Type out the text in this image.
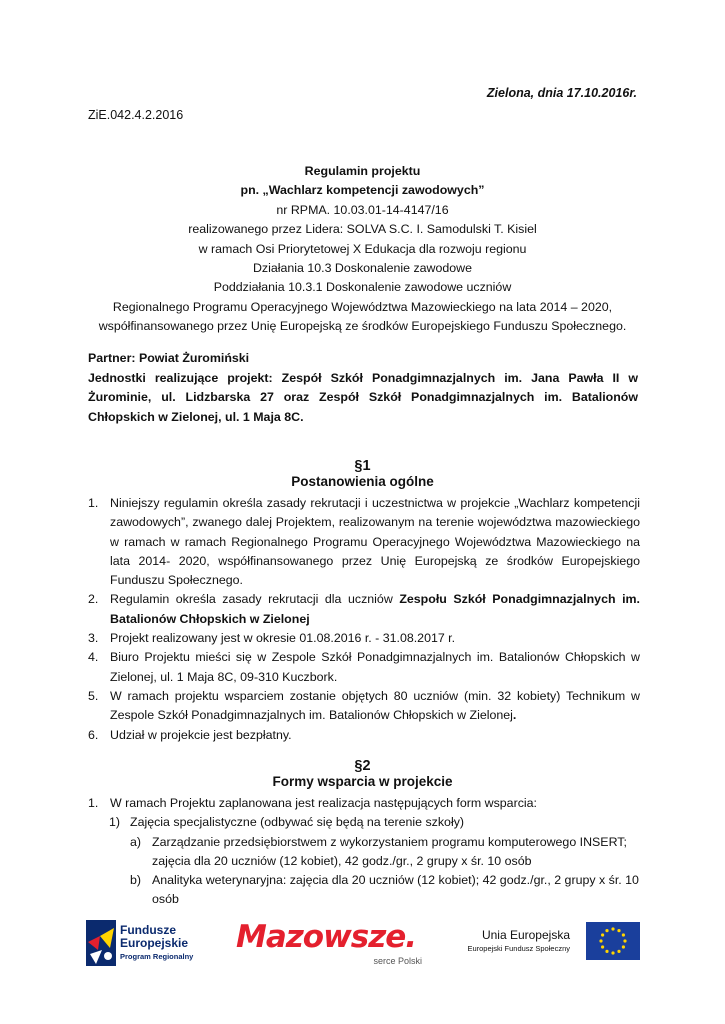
Zielona, dnia 17.10.2016r.
ZiE.042.4.2.2016
Regulamin projektu
pn. „Wachlarz kompetencji zawodowych”
nr RPMA. 10.03.01-14-4147/16
realizowanego przez Lidera: SOLVA S.C. I. Samodulski T. Kisiel
w ramach Osi Priorytetowej X Edukacja dla rozwoju regionu
Działania 10.3 Doskonalenie zawodowe
Poddziałania 10.3.1 Doskonalenie zawodowe uczniów
Regionalnego Programu Operacyjnego Województwa Mazowieckiego na lata 2014 – 2020,
współfinansowanego przez Unię Europejską ze środków Europejskiego Funduszu Społecznego.
Partner: Powiat Żuromiński
Jednostki realizujące projekt: Zespół Szkół Ponadgimnazjalnych im. Jana Pawła II w Żurominie, ul. Lidzbarska 27 oraz Zespół Szkół Ponadgimnazjalnych im. Batalionów Chłopskich w Zielonej, ul. 1 Maja 8C.
§1
Postanowienia ogólne
1. Niniejszy regulamin określa zasady rekrutacji i uczestnictwa w projekcie „Wachlarz kompetencji zawodowych”, zwanego dalej Projektem, realizowanym na terenie województwa mazowieckiego w ramach w ramach Regionalnego Programu Operacyjnego Województwa Mazowieckiego na lata 2014- 2020, współfinansowanego przez Unię Europejską ze środków Europejskiego Funduszu Społecznego.
2. Regulamin określa zasady rekrutacji dla uczniów Zespołu Szkół Ponadgimnazjalnych im. Batalionów Chłopskich w Zielonej
3. Projekt realizowany jest w okresie 01.08.2016 r. - 31.08.2017 r.
4. Biuro Projektu mieści się w Zespole Szkół Ponadgimnazjalnych im. Batalionów Chłopskich w Zielonej, ul. 1 Maja 8C, 09-310 Kuczbork.
5. W ramach projektu wsparciem zostanie objętych 80 uczniów (min. 32 kobiety) Technikum w Zespole Szkół Ponadgimnazjalnych im. Batalionów Chłopskich w Zielonej.
6. Udział w projekcie jest bezpłatny.
§2
Formy wsparcia w projekcie
1. W ramach Projektu zaplanowana jest realizacja następujących form wsparcia:
1) Zajęcia specjalistyczne (odbywać się będą na terenie szkoły)
a) Zarządzanie przedsiębiorstwem z wykorzystaniem programu komputerowego INSERT; zajęcia dla 20 uczniów (12 kobiet), 42 godz./gr., 2 grupy x śr. 10 osób
b) Analityka weterynaryjna: zajęcia dla 20 uczniów (12 kobiet); 42 godz./gr., 2 grupy x śr. 10 osób
Fundusze
Europejskie
Program Regionalny
Mazowsze.
serce Polski
Unia Europejska
Europejski Fundusz Społeczny
